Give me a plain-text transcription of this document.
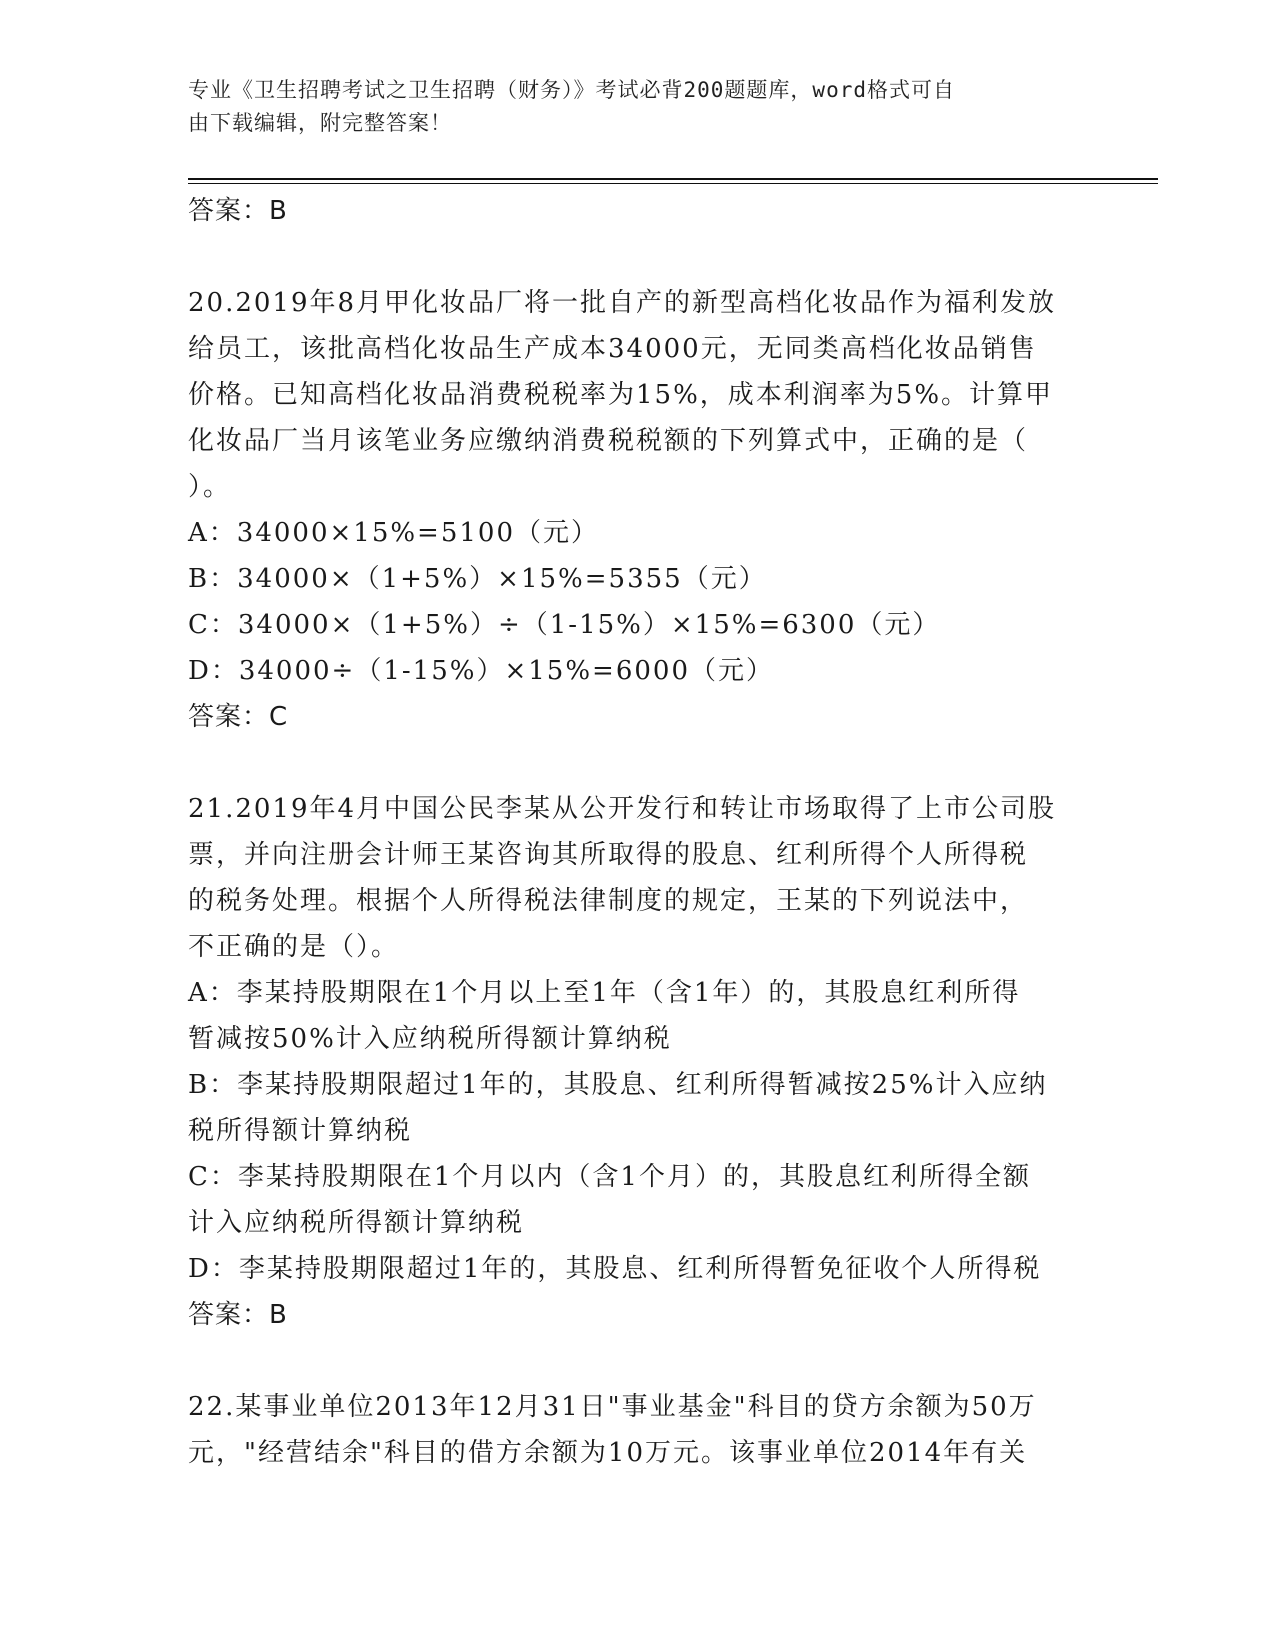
专业《卫生招聘考试之卫生招聘（财务）》考试必背200题题库，word格式可自
由下载编辑，附完整答案！
答案：B
20.2019年8月甲化妆品厂将一批自产的新型高档化妆品作为福利发放
给员工，该批高档化妆品生产成本34000元，无同类高档化妆品销售
价格。已知高档化妆品消费税税率为15%，成本利润率为5%。计算甲
化妆品厂当月该笔业务应缴纳消费税税额的下列算式中，正确的是（
）。
A：34000×15%=5100（元）
B：34000×（1+5%）×15%=5355（元）
C：34000×（1+5%）÷（1-15%）×15%=6300（元）
D：34000÷（1-15%）×15%=6000（元）
答案：C
21.2019年4月中国公民李某从公开发行和转让市场取得了上市公司股
票，并向注册会计师王某咨询其所取得的股息、红利所得个人所得税
的税务处理。根据个人所得税法律制度的规定，王某的下列说法中，
不正确的是（）。
A：李某持股期限在1个月以上至1年（含1年）的，其股息红利所得
暂减按50%计入应纳税所得额计算纳税
B：李某持股期限超过1年的，其股息、红利所得暂减按25%计入应纳
税所得额计算纳税
C：李某持股期限在1个月以内（含1个月）的，其股息红利所得全额
计入应纳税所得额计算纳税
D：李某持股期限超过1年的，其股息、红利所得暂免征收个人所得税
答案：B
22.某事业单位2013年12月31日"事业基金"科目的贷方余额为50万
元，"经营结余"科目的借方余额为10万元。该事业单位2014年有关
